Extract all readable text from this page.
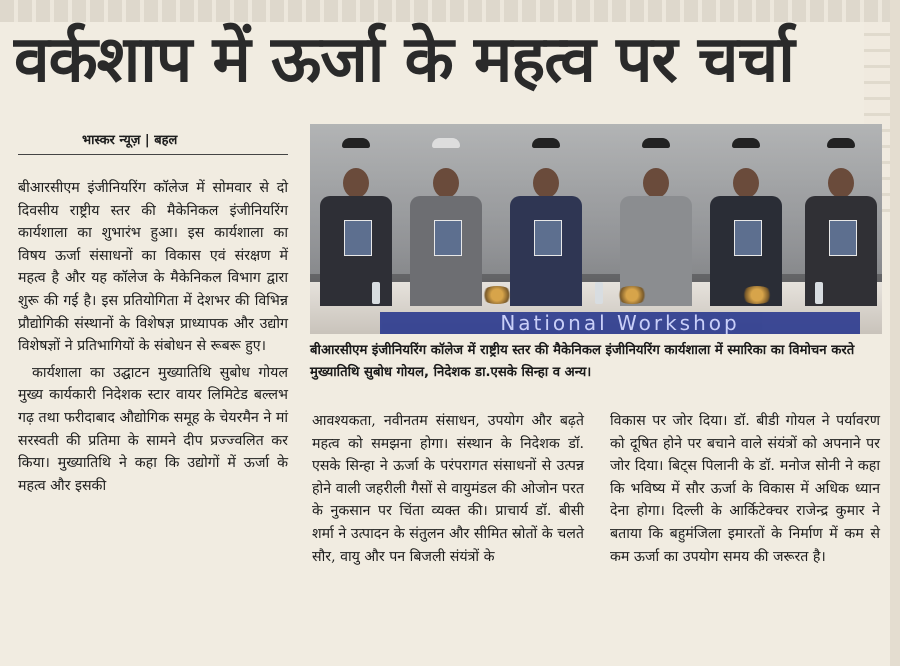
वर्कशाप में ऊर्जा के महत्व पर चर्चा
भास्कर न्यूज़ | बहल

बीआरसीएम इंजीनियरिंग कॉलेज में सोमवार से दो दिवसीय राष्ट्रीय स्तर की मैकेनिकल इंजीनियरिंग कार्यशाला का शुभारंभ हुआ। इस कार्यशाला का विषय ऊर्जा संसाधनों का विकास एवं संरक्षण में महत्व है और यह कॉलेज के मैकेनिकल विभाग द्वारा शुरू की गई है। इस प्रतियोगिता में देशभर की विभिन्न प्रौद्योगिकी संस्थानों के विशेषज्ञ प्राध्यापक और उद्योग विशेषज्ञों ने प्रतिभागियों के संबोधन से रूबरू हुए।

कार्यशाला का उद्घाटन मुख्यातिथि सुबोध गोयल मुख्य कार्यकारी निदेशक स्टार वायर लिमिटेड बल्लभ गढ़ तथा फरीदाबाद औद्योगिक समूह के चेयरमैन ने मां सरस्वती की प्रतिमा के सामने दीप प्रज्ज्वलित कर किया। मुख्यातिथि ने कहा कि उद्योगों में ऊर्जा के महत्व और इसकी

National Workshop
बीआरसीएम इंजीनियरिंग कॉलेज में राष्ट्रीय स्तर की मैकेनिकल इंजीनियरिंग कार्यशाला में स्मारिका का विमोचन करते मुख्यातिथि सुबोध गोयल, निदेशक डा.एसके सिन्हा व अन्य।

आवश्यकता, नवीनतम संसाधन, उपयोग और बढ़ते महत्व को समझना होगा। संस्थान के निदेशक डॉ. एसके सिन्हा ने ऊर्जा के परंपरागत संसाधनों से उत्पन्न होने वाली जहरीली गैसों से वायुमंडल की ओजोन परत के नुकसान पर चिंता व्यक्त की। प्राचार्य डॉ. बीसी शर्मा ने उत्पादन के संतुलन और सीमित स्रोतों के चलते सौर, वायु और पन बिजली संयंत्रों के

विकास पर जोर दिया। डॉ. बीडी गोयल ने पर्यावरण को दूषित होने पर बचाने वाले संयंत्रों को अपनाने पर जोर दिया। बिट्स पिलानी के डॉ. मनोज सोनी ने कहा कि भविष्य में सौर ऊर्जा के विकास में अधिक ध्यान देना होगा। दिल्ली के आर्किटेक्चर राजेन्द्र कुमार ने बताया कि बहुमंजिला इमारतों के निर्माण में कम से कम ऊर्जा का उपयोग समय की जरूरत है।
